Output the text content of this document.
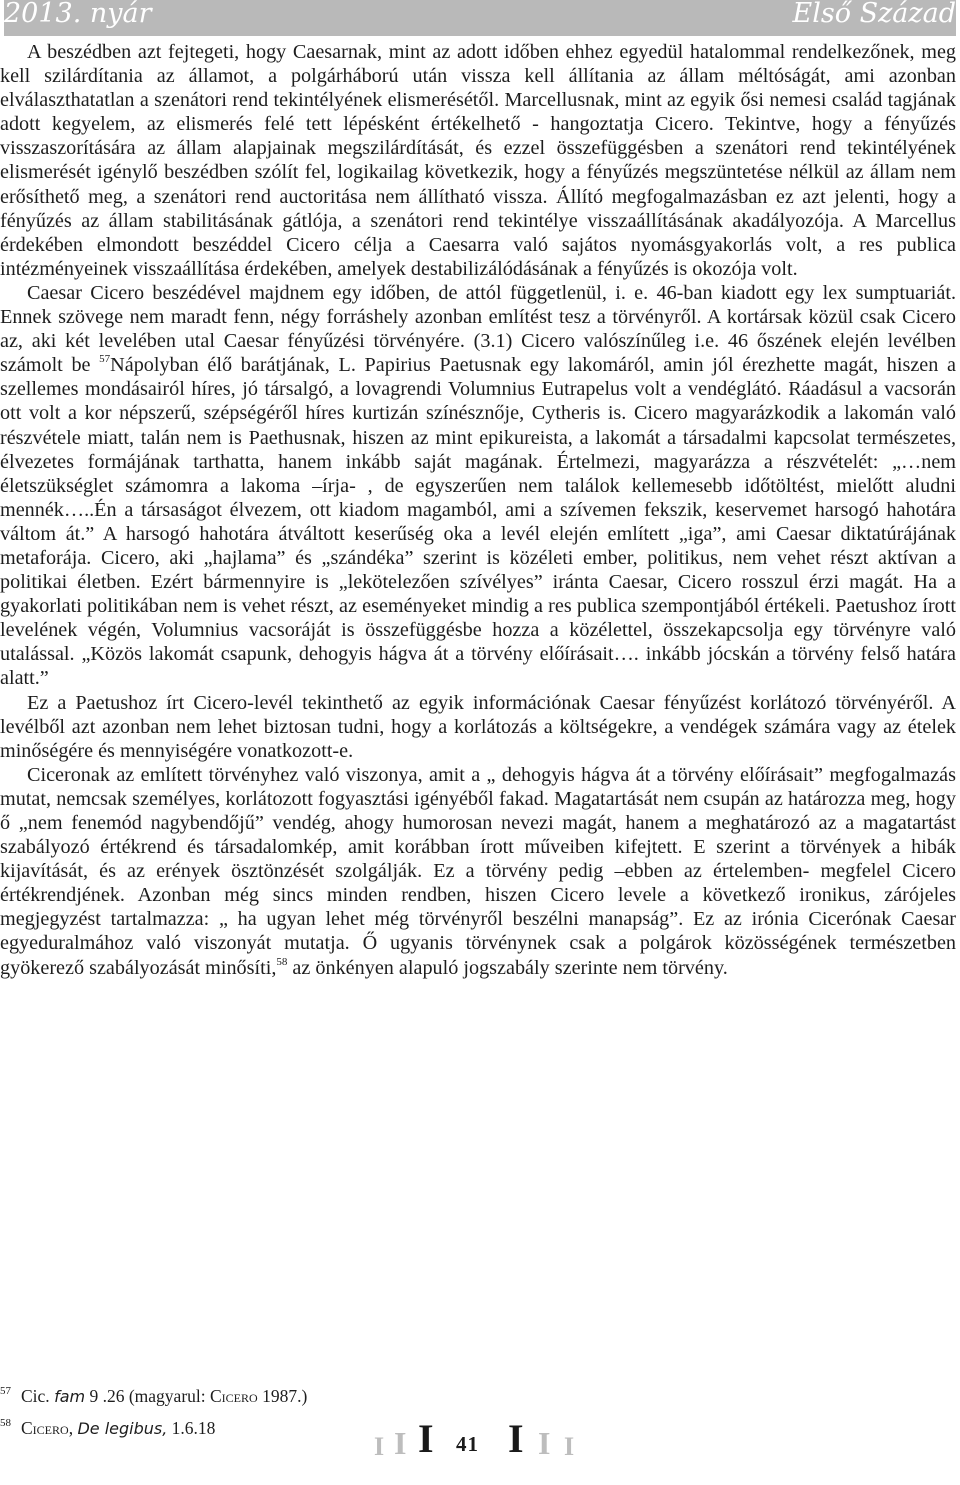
2013. nyár	Első Század

A beszédben azt fejtegeti, hogy Caesarnak, mint az adott időben ehhez egyedül hatalommal rendelkezőnek, meg kell szilárdítania az államot, a polgárháború után vissza kell állítania az állam méltóságát, ami azonban elválaszthatatlan a szenátori rend tekintélyének elismerésétől. Marcellusnak, mint az egyik ősi nemesi család tagjának adott kegyelem, az elismerés felé tett lépésként értékelhető - hangoztatja Cicero. Tekintve, hogy a fényűzés visszaszorítására az állam alapjainak megszilárdítását, és ezzel összefüggésben a szenátori rend tekintélyének elismerését igénylő beszédben szólít fel, logikailag következik, hogy a fényűzés megszüntetése nélkül az állam nem erősíthető meg, a szenátori rend auctoritása nem állítható vissza. Állító megfogalmazásban ez azt jelenti, hogy a fényűzés az állam stabilitásának gátlója, a szenátori rend tekintélye visszaállításának akadályozója. A Marcellus érdekében elmondott beszéddel Cicero célja a Caesarra való sajátos nyomásgyakorlás volt, a res publica intézményeinek visszaállítása érdekében, amelyek destabilizálódásának a fényűzés is okozója volt.

Caesar Cicero beszédével majdnem egy időben, de attól függetlenül, i. e. 46-ban kiadott egy lex sumptuariát. Ennek szövege nem maradt fenn, négy forráshely azonban említést tesz a törvényről. A kortársak közül csak Cicero az, aki két levelében utal Caesar fényűzési törvényére. (3.1) Cicero valószínűleg i.e. 46 őszének elején levélben számolt be $^{57}$Nápolyban élő barátjának, L. Papirius Paetusnak egy lakomáról, amin jól érezhette magát, hiszen a szellemes mondásairól híres, jó társalgó, a lovagrendi Volumnius Eutrapelus volt a vendéglátó. Ráadásul a vacsorán ott volt a kor népszerű, szépségéről híres kurtizán színésznője, Cytheris is. Cicero magyarázkodik a lakomán való részvétele miatt, talán nem is Paethusnak, hiszen az mint epikureista, a lakomát a társadalmi kapcsolat természetes, élvezetes formájának tarthatta, hanem inkább saját magának. Értelmezi, magyarázza a részvételét: „…nem életszükséglet számomra a lakoma –írja- , de egyszerűen nem találok kellemesebb időtöltést, mielőtt aludni mennék…..Én a társaságot élvezem, ott kiadom magamból, ami a szívemen fekszik, keservemet harsogó hahotára váltom át.” A harsogó hahotára átváltott keserűség oka a levél elején említett „iga”, ami Caesar diktatúrájának metaforája. Cicero, aki „hajlama” és „szándéka” szerint is közéleti ember, politikus, nem vehet részt aktívan a politikai életben. Ezért bármennyire is „lekötelezően szívélyes” iránta Caesar, Cicero rosszul érzi magát. Ha a gyakorlati politikában nem is vehet részt, az eseményeket mindig a res publica szempontjából értékeli. Paetushoz írott levelének végén, Volumnius vacsoráját is összefüggésbe hozza a közélettel, összekapcsolja egy törvényre való utalással. „Közös lakomát csapunk, dehogyis hágva át a törvény előírásait…. inkább jócskán a törvény felső határa alatt.”

Ez a Paetushoz írt Cicero-levél tekinthető az egyik információnak Caesar fényűzést korlátozó törvényéről. A levélből azt azonban nem lehet biztosan tudni, hogy a korlátozás a költségekre, a vendégek számára vagy az ételek minőségére és mennyiségére vonatkozott-e.

Ciceronak az említett törvényhez való viszonya, amit a „ dehogyis hágva át a törvény előírásait” megfogalmazás mutat, nemcsak személyes, korlátozott fogyasztási igényéből fakad. Magatartását nem csupán az határozza meg, hogy ő „nem fenemód nagybendőjű” vendég, ahogy humorosan nevezi magát, hanem a meghatározó az a magatartást szabályozó értékrend és társadalomkép, amit korábban írott műveiben kifejtett. E szerint a törvények a hibák kijavítását, és az erények ösztönzését szolgálják. Ez a törvény pedig –ebben az értelemben- megfelel Cicero értékrendjének. Azonban még sincs minden rendben, hiszen Cicero levele a következő ironikus, zárójeles megjegyzést tartalmazza: „ ha ugyan lehet még törvényről beszélni manapság”. Ez az irónia Cicerónak Caesar egyeduralmához való viszonyát mutatja. Ő ugyanis törvénynek csak a polgárok közösségének természetben gyökerező szabályozását minősíti,$^{58}$ az önkényen alapuló jogszabály szerinte nem törvény.

$^{57}$ Cic. fam 9 .26 (magyarul: Cicero 1987.)

$^{58}$ Cicero, De legibus, 1.6.18

I I I 41 I I I
